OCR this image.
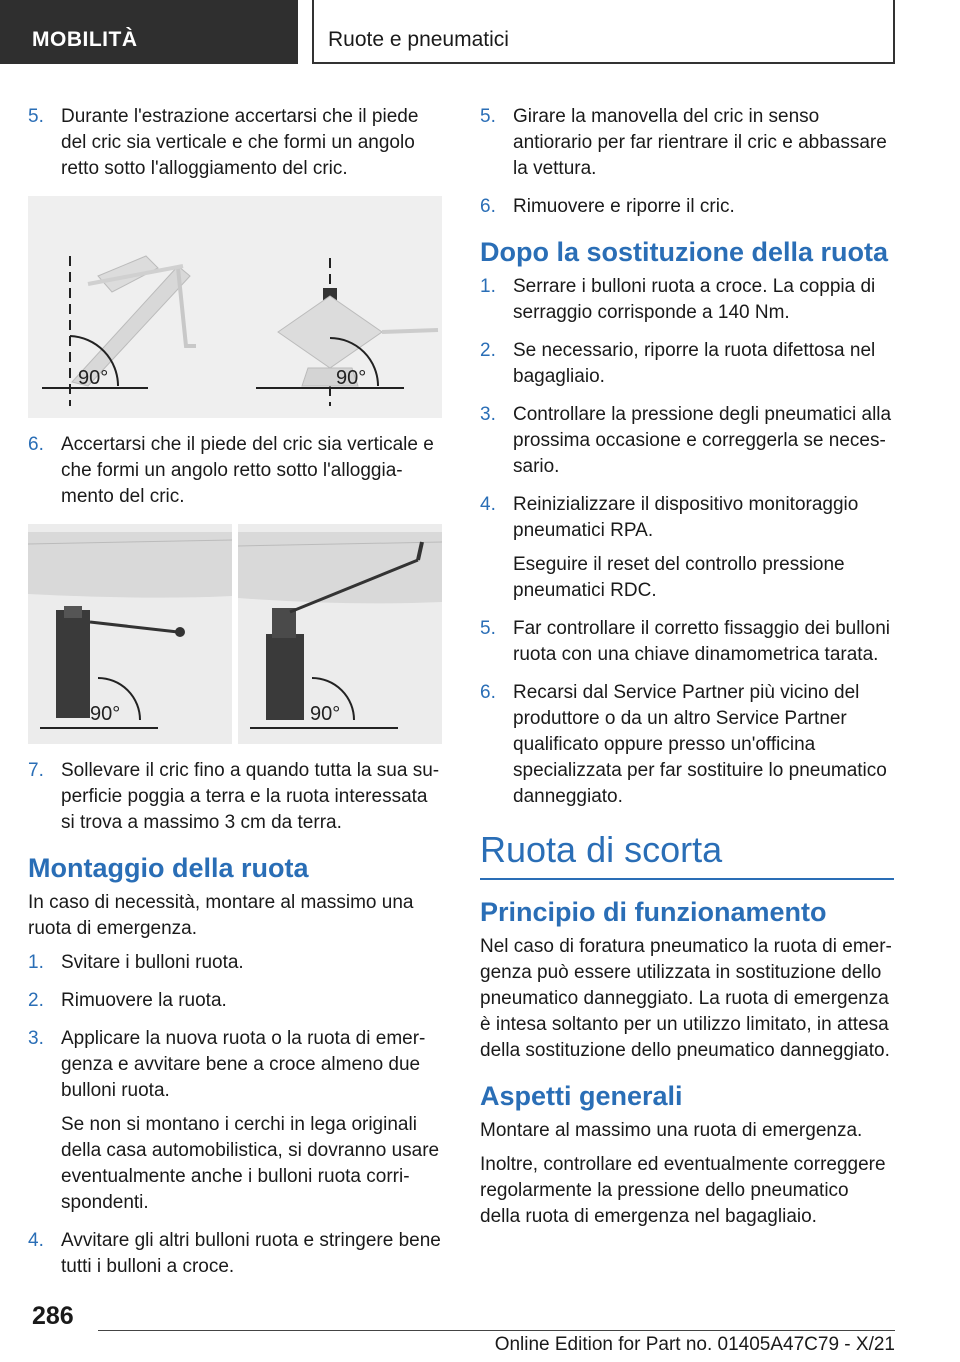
MOBILITÀ	Ruote e pneumatici
5. Durante l'estrazione accertarsi che il piede del cric sia verticale e che formi un angolo retto sotto l'alloggiamento del cric.

90°	90°
6. Accertarsi che il piede del cric sia verticale e che formi un angolo retto sotto l'alloggiamento del cric.

90°	90°
7. Sollevare il cric fino a quando tutta la sua superficie poggia a terra e la ruota interessata si trova a massimo 3 cm da terra.

Montaggio della ruota

In caso di necessità, montare al massimo una ruota di emergenza.

1. Svitare i bulloni ruota.

2. Rimuovere la ruota.

3. Applicare la nuova ruota o la ruota di emergenza e avvitare bene a croce almeno due bulloni ruota.

Se non si montano i cerchi in lega originali della casa automobilistica, si dovranno usare eventualmente anche i bulloni ruota corrispondenti.

4. Avvitare gli altri bulloni ruota e stringere bene tutti i bulloni a croce.

5. Girare la manovella del cric in senso antiorario per far rientrare il cric e abbassare la vettura.

6. Rimuovere e riporre il cric.

Dopo la sostituzione della ruota
1. Serrare i bulloni ruota a croce. La coppia di serraggio corrisponde a 140 Nm.

2. Se necessario, riporre la ruota difettosa nel bagagliaio.

3. Controllare la pressione degli pneumatici alla prossima occasione e correggerla se necessario.

4. Reinizializzare il dispositivo monitoraggio pneumatici RPA.

Eseguire il reset del controllo pressione pneumatici RDC.

5. Far controllare il corretto fissaggio dei bulloni ruota con una chiave dinamometrica tarata.

6. Recarsi dal Service Partner più vicino del produttore o da un altro Service Partner qualificato oppure presso un'officina specializzata per far sostituire lo pneumatico danneggiato.

Ruota di scorta
Principio di funzionamento

Nel caso di foratura pneumatico la ruota di emergenza può essere utilizzata in sostituzione dello pneumatico danneggiato. La ruota di emergenza è intesa soltanto per un utilizzo limitato, in attesa della sostituzione dello pneumatico danneggiato.

Aspetti generali

Montare al massimo una ruota di emergenza.

Inoltre, controllare ed eventualmente correggere regolarmente la pressione dello pneumatico della ruota di emergenza nel bagagliaio.

286
Online Edition for Part no. 01405A47C79 - X/21
